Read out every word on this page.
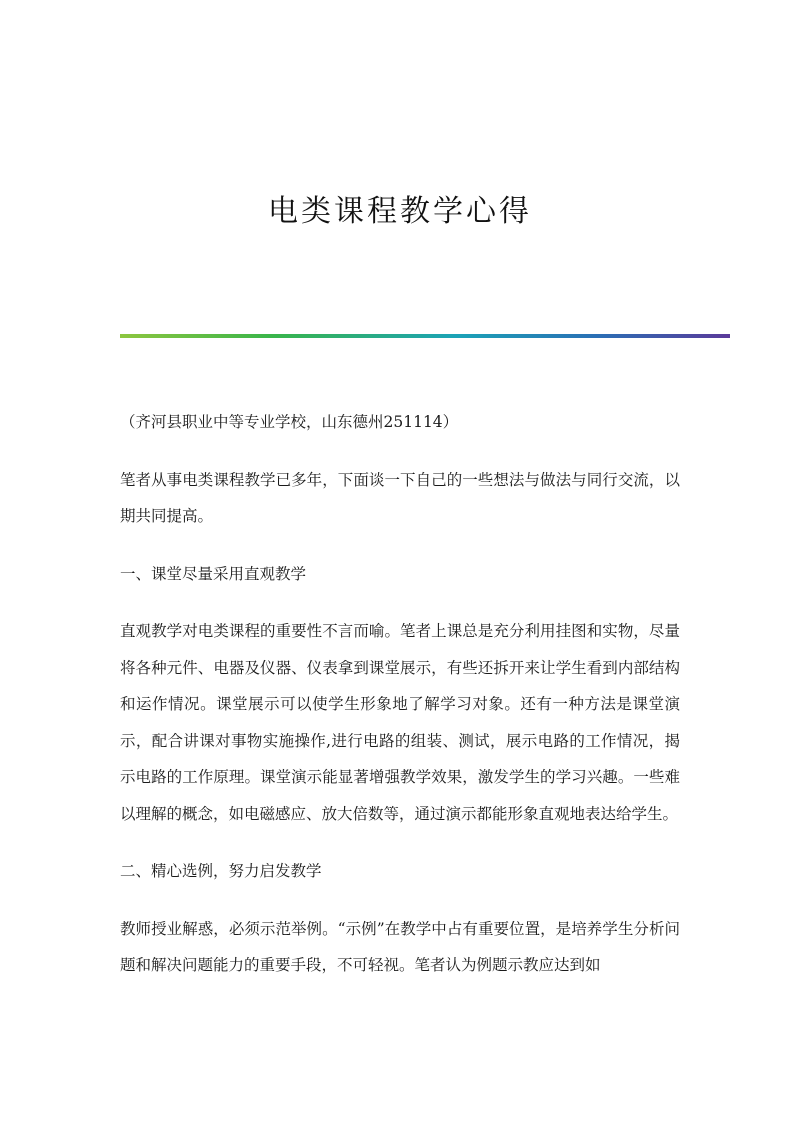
电类课程教学心得

（齐河县职业中等专业学校，山东德州251114）

笔者从事电类课程教学已多年，下面谈一下自己的一些想法与做法与同行交流，以期共同提高。

一、课堂尽量采用直观教学

直观教学对电类课程的重要性不言而喻。笔者上课总是充分利用挂图和实物，尽量将各种元件、电器及仪器、仪表拿到课堂展示，有些还拆开来让学生看到内部结构和运作情况。课堂展示可以使学生形象地了解学习对象。还有一种方法是课堂演示，配合讲课对事物实施操作,进行电路的组装、测试，展示电路的工作情况，揭示电路的工作原理。课堂演示能显著增强教学效果，激发学生的学习兴趣。一些难以理解的概念，如电磁感应、放大倍数等，通过演示都能形象直观地表达给学生。

二、精心选例，努力启发教学

教师授业解惑，必须示范举例。“示例”在教学中占有重要位置，是培养学生分析问题和解决问题能力的重要手段，不可轻视。笔者认为例题示教应达到如
